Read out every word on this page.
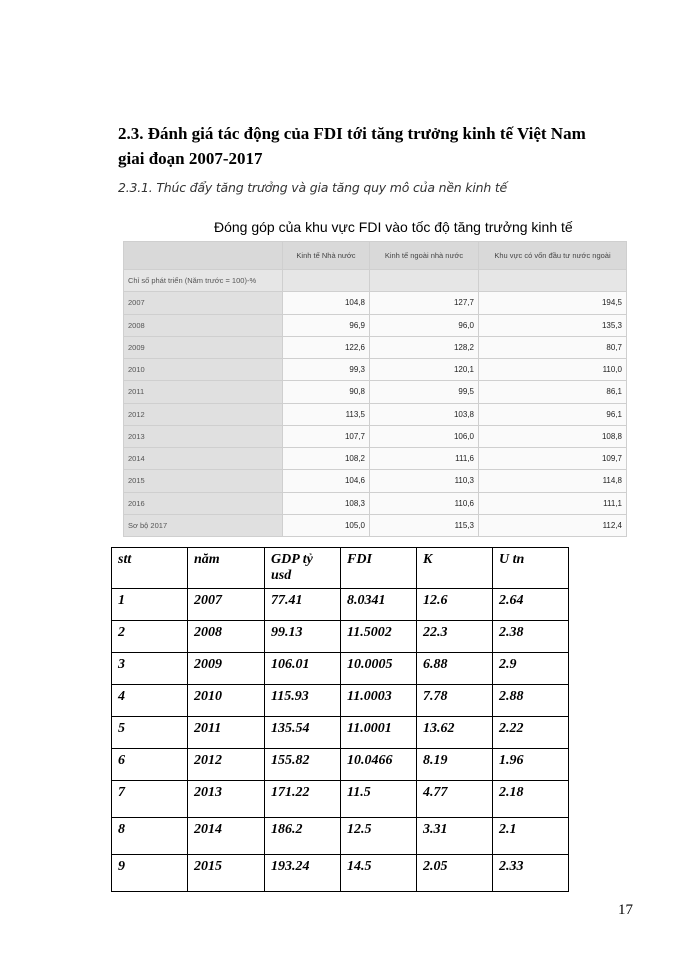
2.3. Đánh giá tác động của FDI tới tăng trưởng kinh tế Việt Nam giai đoạn 2007-2017
2.3.1. Thúc đẩy tăng trưởng và gia tăng quy mô của nền kinh tế
Đóng góp của khu vực FDI vào tốc độ tăng trưởng kinh tế
	Kinh tế Nhà nước	Kinh tế ngoài nhà nước	Khu vực có vốn đầu tư nước ngoài
Chỉ số phát triển (Năm trước = 100)-%			
2007	104,8	127,7	194,5
2008	96,9	96,0	135,3
2009	122,6	128,2	80,7
2010	99,3	120,1	110,0
2011	90,8	99,5	86,1
2012	113,5	103,8	96,1
2013	107,7	106,0	108,8
2014	108,2	111,6	109,7
2015	104,6	110,3	114,8
2016	108,3	110,6	111,1
Sơ bộ 2017	105,0	115,3	112,4
stt	năm	GDP tỷ usd	FDI	K	U tn
1	2007	77.41	8.0341	12.6	2.64
2	2008	99.13	11.5002	22.3	2.38
3	2009	106.01	10.0005	6.88	2.9
4	2010	115.93	11.0003	7.78	2.88
5	2011	135.54	11.0001	13.62	2.22
6	2012	155.82	10.0466	8.19	1.96
7	2013	171.22	11.5	4.77	2.18
8	2014	186.2	12.5	3.31	2.1
9	2015	193.24	14.5	2.05	2.33
17
